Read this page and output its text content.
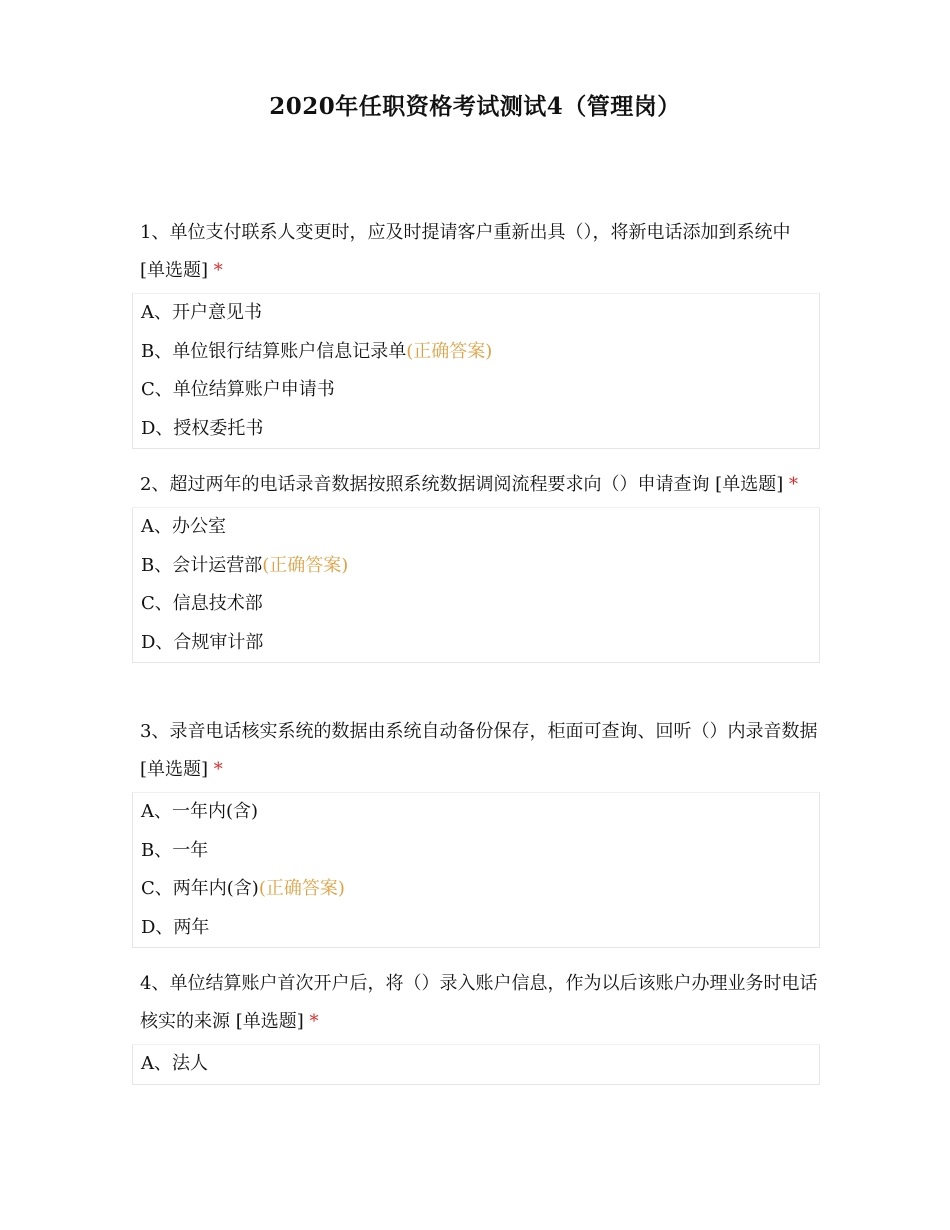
2020年任职资格考试测试4（管理岗）
1、单位支付联系人变更时，应及时提请客户重新出具（），将新电话添加到系统中 [单选题] *
A、开户意见书
B、单位银行结算账户信息记录单(正确答案)
C、单位结算账户申请书
D、授权委托书
2、超过两年的电话录音数据按照系统数据调阅流程要求向（）申请查询 [单选题] *
A、办公室
B、会计运营部(正确答案)
C、信息技术部
D、合规审计部
3、录音电话核实系统的数据由系统自动备份保存，柜面可查询、回听（）内录音数据 [单选题] *
A、一年内(含)
B、一年
C、两年内(含)(正确答案)
D、两年
4、单位结算账户首次开户后，将（）录入账户信息，作为以后该账户办理业务时电话核实的来源 [单选题] *
A、法人
